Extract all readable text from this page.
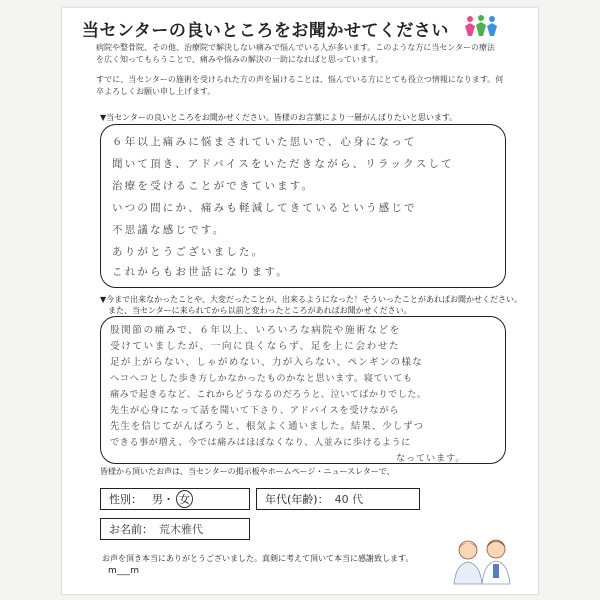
当センターの良いところをお聞かせてください
病院や整骨院、その他、治療院で解決しない痛みで悩んでいる人が多います。このような方に当センターの療法
を広く知ってもらうことで、痛みや悩みの解決の一助になればと思っています。
すでに、当センターの施術を受けられた方の声を届けることは、悩んでいる方にとても役立つ情報になります。何
卒よろしくお願い申し上げます。
▼当センターの良いところをお聞かせください。皆様のお言葉により一層がんばりたいと思います。
６年以上痛みに悩まされていた思いで、心身になって
聞いて頂き、アドバイスをいただきながら、リラックスして
治療を受けることができています。
いつの間にか、痛みも軽減してきているという感じで
不思議な感じです。
ありがとうございました。
これからもお世話になります。
▼今まで出来なかったことや、大変だったことが、出来るようになった！そういったことがあればお聞かせください。
　また、当センターに来られてから以前と変わったところがあればお聞かせください。
股関節の痛みで、６年以上、いろいろな病院や施術などを
受けていましたが、一向に良くならず、足を上に会わせた
足が上がらない、しゃがめない、力が入らない、ペンギンの様な
ヘコヘコとした歩き方しかなかったものかなと思います。寝ていても
痛みで起きるなど、これからどうなるのだろうと、泣いてばかりでした。
先生が心身になって話を聞いて下さり、アドバイスを受けながら
先生を信じてがんばろうと、根気よく通いました。結果、少しずつ
できる事が増え、今では痛みはほぼなくなり、人並みに歩けるように
なっています。
皆様から頂いたお声は、当センターの掲示板やホームページ・ニュースレターで、
性別： 男 ・ 女	年代(年齢)： 40 代
お名前： 荒木雅代
お声を頂き本当にありがとうございました。真剣に考えて頂いて本当に感謝致します。
m___m
